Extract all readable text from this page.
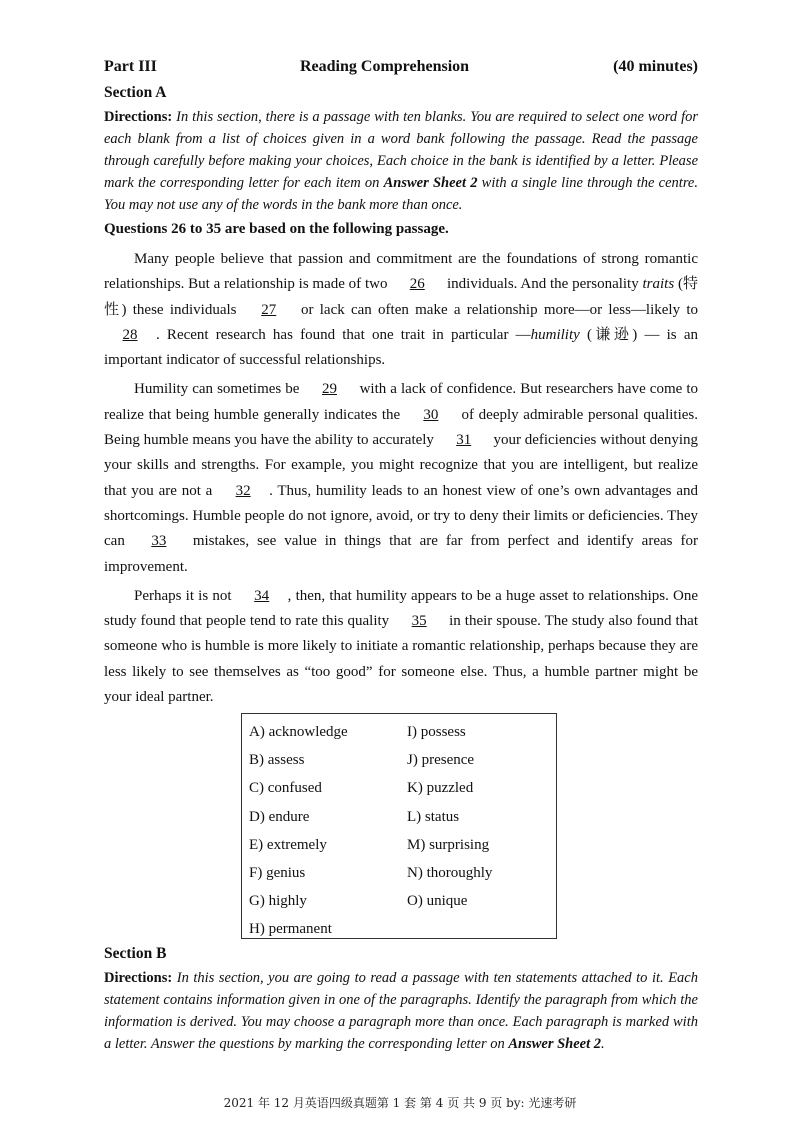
Part III	Reading Comprehension	(40 minutes)
Section A

Directions: In this section, there is a passage with ten blanks. You are required to select one word for each blank from a list of choices given in a word bank following the passage. Read the passage through carefully before making your choices, Each choice in the bank is identified by a letter. Please mark the corresponding letter for each item on Answer Sheet 2 with a single line through the centre. You may not use any of the words in the bank more than once.

Questions 26 to 35 are based on the following passage.

Many people believe that passion and commitment are the foundations of strong romantic relationships. But a relationship is made of two 26 individuals. And the personality traits (特性) these individuals 27 or lack can often make a relationship more—or less—likely to 28 . Recent research has found that one trait in particular —humility (谦逊) — is an important indicator of successful relationships.

Humility can sometimes be 29 with a lack of confidence. But researchers have come to realize that being humble generally indicates the 30 of deeply admirable personal qualities. Being humble means you have the ability to accurately 31 your deficiencies without denying your skills and strengths. For example, you might recognize that you are intelligent, but realize that you are not a 32 . Thus, humility leads to an honest view of one’s own advantages and shortcomings. Humble people do not ignore, avoid, or try to deny their limits or deficiencies. They can 33 mistakes, see value in things that are far from perfect and identify areas for improvement.

Perhaps it is not 34 , then, that humility appears to be a huge asset to relationships. One study found that people tend to rate this quality 35 in their spouse. The study also found that someone who is humble is more likely to initiate a romantic relationship, perhaps because they are less likely to see themselves as “too good” for someone else. Thus, a humble partner might be your ideal partner.

A) acknowledge
B) assess
C) confused
D) endure
E) extremely
F) genius
G) highly
H) permanent
I) possess
J) presence
K) puzzled
L) status
M) surprising
N) thoroughly
O) unique
Section B

Directions: In this section, you are going to read a passage with ten statements attached to it. Each statement contains information given in one of the paragraphs. Identify the paragraph from which the information is derived. You may choose a paragraph more than once. Each paragraph is marked with a letter. Answer the questions by marking the corresponding letter on Answer Sheet 2.

2021 年 12 月英语四级真题第 1 套 第 4 页 共 9 页 by: 光速考研
